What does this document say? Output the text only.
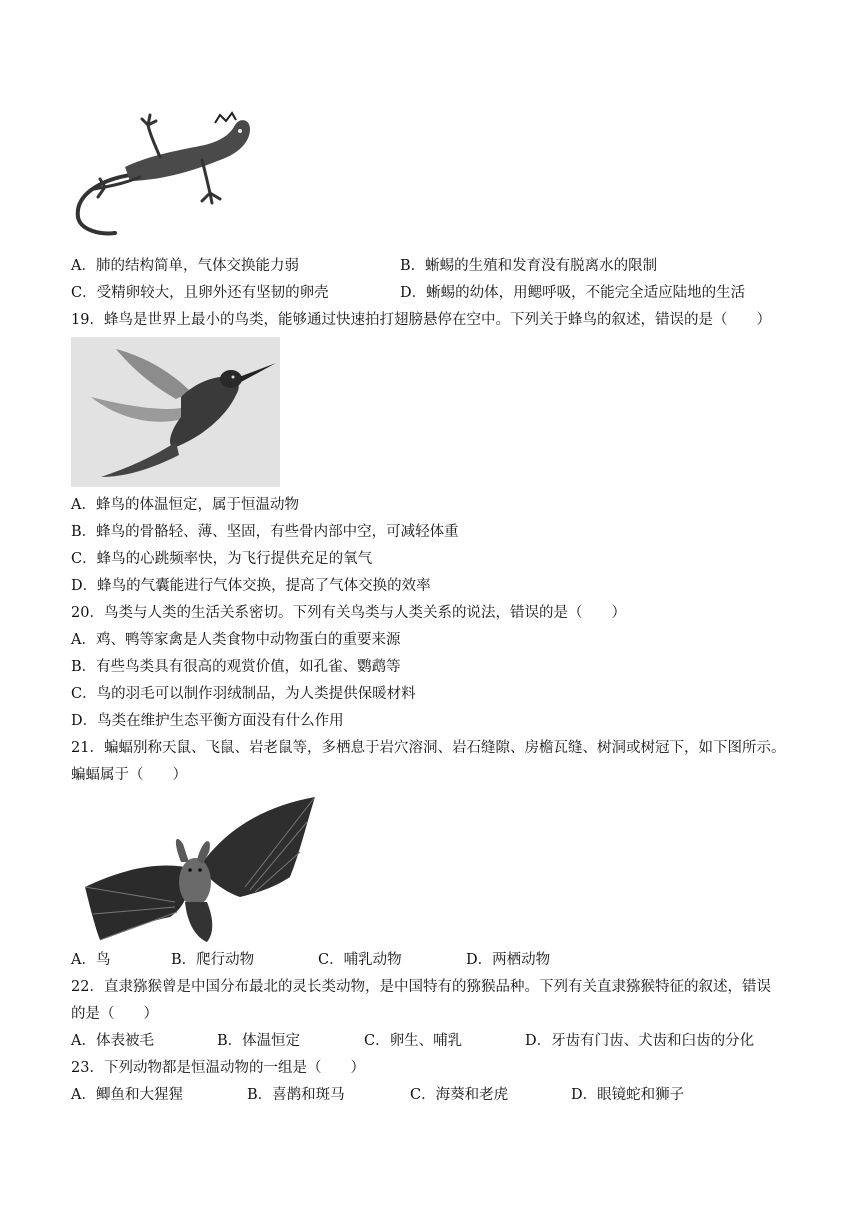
A．肺的结构简单，气体交换能力弱	B．蜥蜴的生殖和发育没有脱离水的限制
C．受精卵较大，且卵外还有坚韧的卵壳	D．蜥蜴的幼体，用鳃呼吸，不能完全适应陆地的生活
19．蜂鸟是世界上最小的鸟类，能够通过快速拍打翅膀悬停在空中。下列关于蜂鸟的叙述，错误的是（　　）
A．蜂鸟的体温恒定，属于恒温动物
B．蜂鸟的骨骼轻、薄、坚固，有些骨内部中空，可减轻体重
C．蜂鸟的心跳频率快，为飞行提供充足的氧气
D．蜂鸟的气囊能进行气体交换，提高了气体交换的效率
20．鸟类与人类的生活关系密切。下列有关鸟类与人类关系的说法，错误的是（　　）
A．鸡、鸭等家禽是人类食物中动物蛋白的重要来源
B．有些鸟类具有很高的观赏价值，如孔雀、鹦鹉等
C．鸟的羽毛可以制作羽绒制品，为人类提供保暖材料
D．鸟类在维护生态平衡方面没有什么作用
21．蝙蝠别称天鼠、飞鼠、岩老鼠等，多栖息于岩穴溶洞、岩石缝隙、房檐瓦缝、树洞或树冠下，如下图所示。
蝙蝠属于（　　）
A．鸟	B．爬行动物	C．哺乳动物	D．两栖动物
22．直隶猕猴曾是中国分布最北的灵长类动物，是中国特有的猕猴品种。下列有关直隶猕猴特征的叙述，错误
的是（　　）
A．体表被毛	B．体温恒定	C．卵生、哺乳	D．牙齿有门齿、犬齿和臼齿的分化
23．下列动物都是恒温动物的一组是（　　）
A．鲫鱼和大猩猩	B．喜鹊和斑马	C．海葵和老虎	D．眼镜蛇和狮子
